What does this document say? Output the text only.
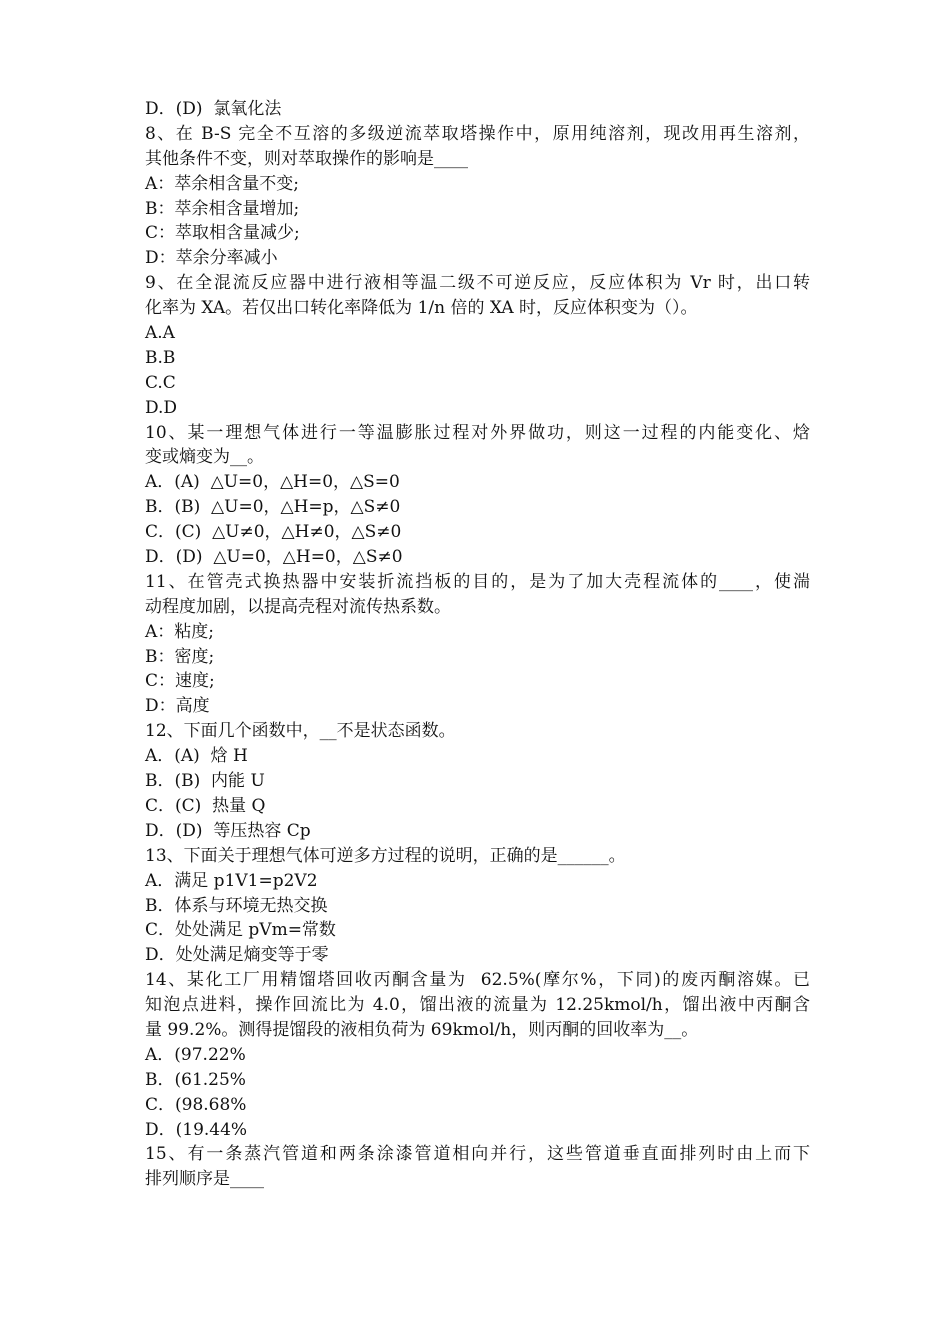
D．(D)  氯氧化法
8、在 B-S 完全不互溶的多级逆流萃取塔操作中，原用纯溶剂，现改用再生溶剂，
其他条件不变，则对萃取操作的影响是____
A：萃余相含量不变;
B：萃余相含量增加;
C：萃取相含量减少;
D：萃余分率减小
9、在全混流反应器中进行液相等温二级不可逆反应，反应体积为 Vr 时，出口转
化率为 XA。若仅出口转化率降低为 1/n 倍的 XA 时，反应体积变为（）。
A.A
B.B
C.C
D.D
10、某一理想气体进行一等温膨胀过程对外界做功，则这一过程的内能变化、焓
变或熵变为__。
A．(A)  △U=0，△H=0，△S=0
B．(B)  △U=0，△H=p，△S≠0
C．(C)  △U≠0，△H≠0，△S≠0
D．(D)  △U=0，△H=0，△S≠0
11、在管壳式换热器中安装折流挡板的目的，是为了加大壳程流体的____，使湍
动程度加剧，以提高壳程对流传热系数。
A：粘度;
B：密度;
C：速度;
D：高度
12、下面几个函数中，__不是状态函数。
A．(A)  焓 H
B．(B)  内能 U
C．(C)  热量 Q
D．(D)  等压热容 Cp
13、下面关于理想气体可逆多方过程的说明，正确的是______。
A．满足 p1V1=p2V2
B．体系与环境无热交换
C．处处满足 pVm=常数
D．处处满足熵变等于零
14、某化工厂用精馏塔回收丙酮含量为  62.5%(摩尔%，下同)的废丙酮溶媒。已
知泡点进料，操作回流比为 4.0，馏出液的流量为 12.25kmol/h，馏出液中丙酮含
量 99.2%。测得提馏段的液相负荷为 69kmol/h，则丙酮的回收率为__。
A．(97.22%
B．(61.25%
C．(98.68%
D．(19.44%
15、有一条蒸汽管道和两条涂漆管道相向并行，这些管道垂直面排列时由上而下
排列顺序是____
